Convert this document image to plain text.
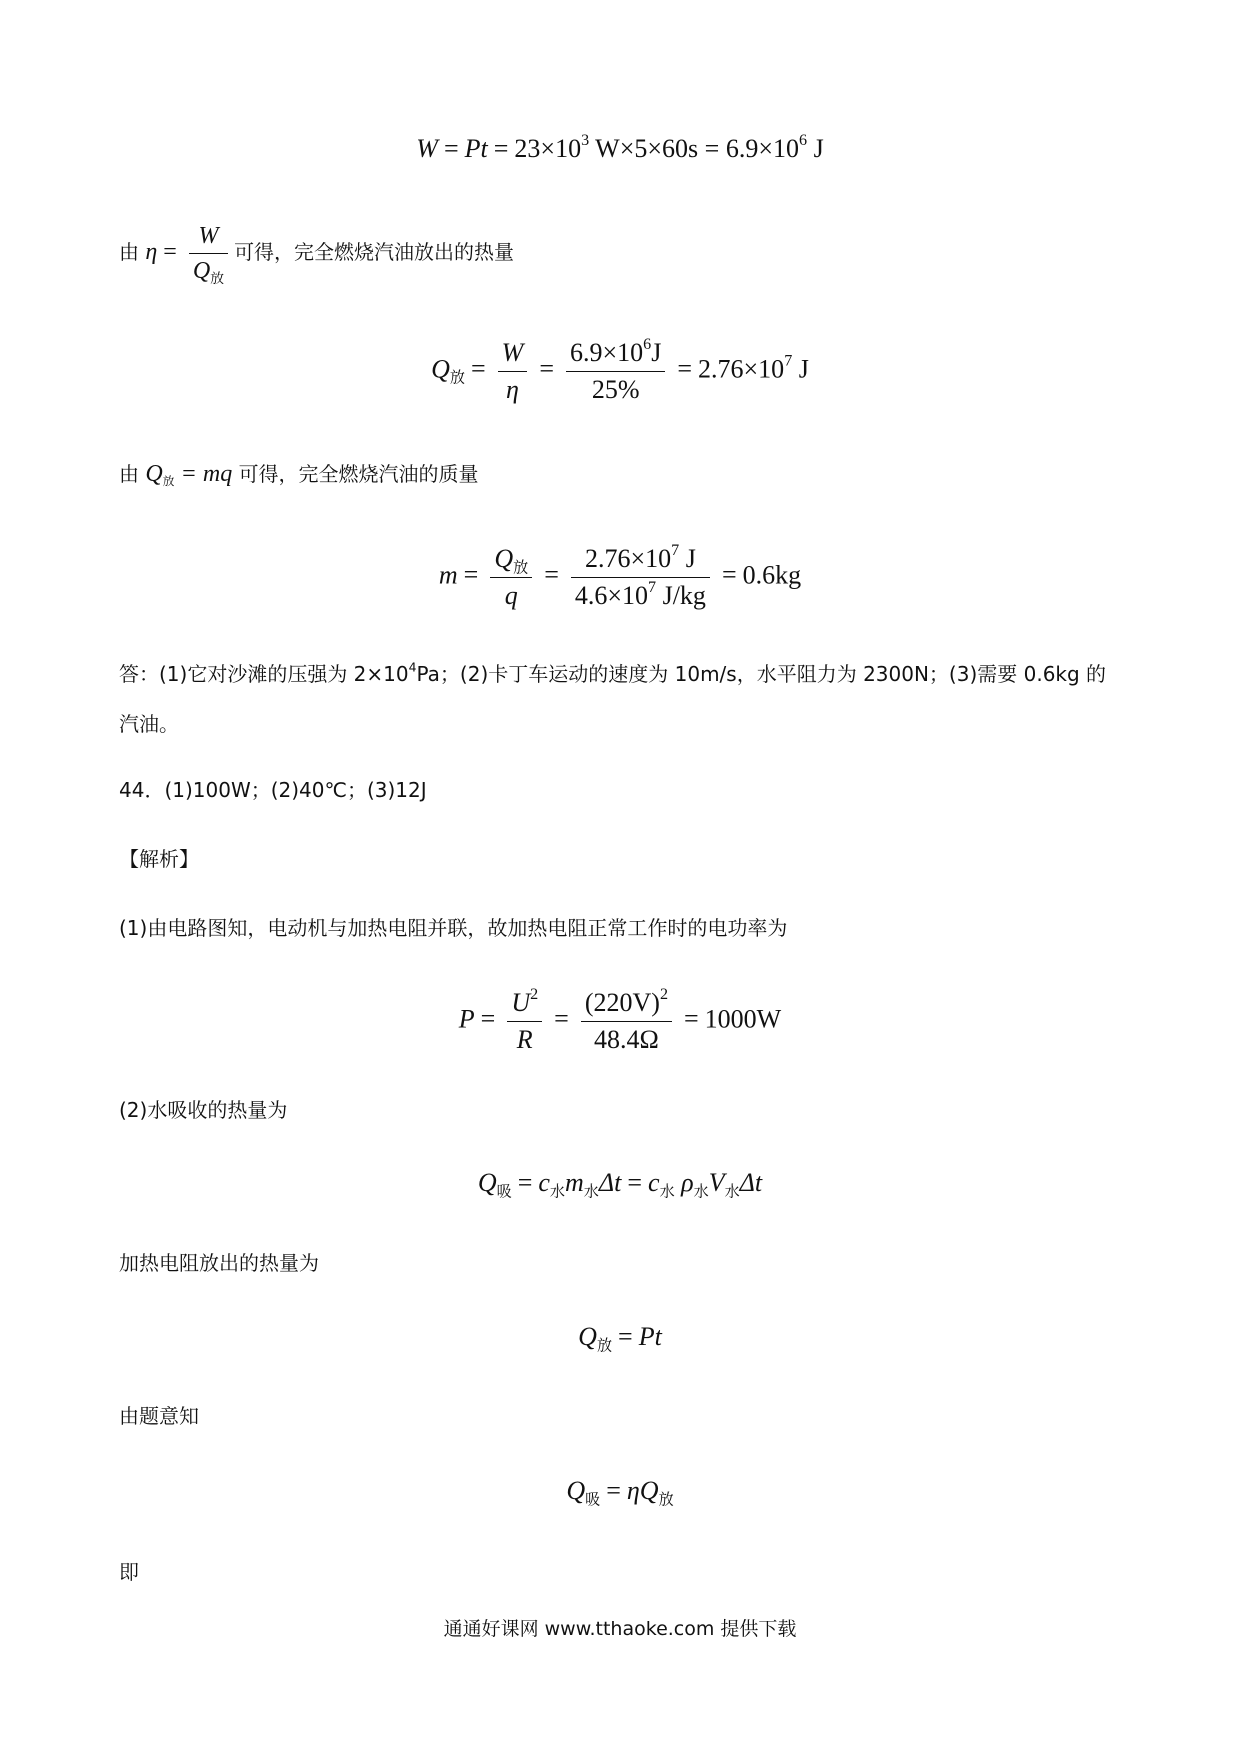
$W = Pt = 23\times 10^3$ $W\times 5\times 60s = 6.9\times 10^6$ J
由 $\eta = \frac{W}{Q_放}$ 可得，完全燃烧汽油放出的热量
$Q_放 = \frac{W}{\eta} = \frac{6.9\times 10^6J}{25\%} = 2.76\times 10^7$ J
由 $Q_放$ = mq 可得，完全燃烧汽油的质量
$m = \frac{Q_放}{q} = \frac{2.76\times 10^7 J}{4.6\times 10^7 J/kg} = 0.6kg$
答：(1)它对沙滩的压强为 $2\times 10^4Pa$；(2)卡丁车运动的速度为 10m/s，水平阻力为 2300N；(3)需要 0.6kg 的
汽油。
44．(1)100W；(2)40℃；(3)12J
【解析】
(1)由电路图知，电动机与加热电阻并联，故加热电阻正常工作时的电功率为
$P = \frac{U^2}{R} = \frac{(220V)^2}{48.4\Omega} = 1000W$
(2)水吸收的热量为
$Q_吸 = c_水m_水\Delta t = c_水$ $\rho_水V_水\Delta t$
加热电阻放出的热量为
$Q_放 = Pt$
由题意知
$Q_吸 = \eta Q_放$
即
通通好课网 www.tthaoke.com 提供下载
